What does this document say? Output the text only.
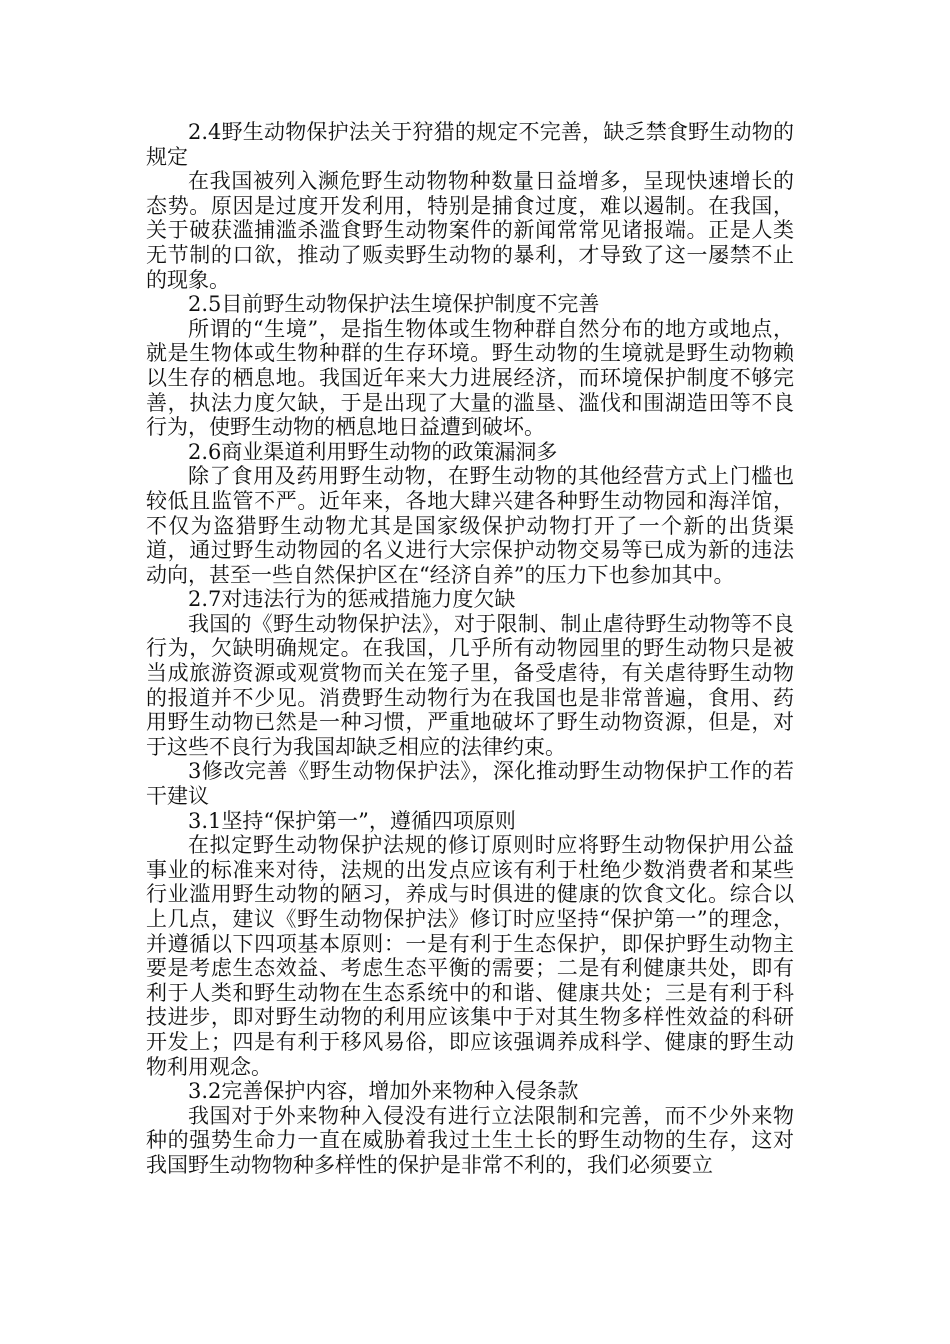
2.4野生动物保护法关于狩猎的规定不完善，缺乏禁食野生动物的规定

在我国被列入濒危野生动物物种数量日益增多，呈现快速增长的态势。原因是过度开发利用，特别是捕食过度，难以遏制。在我国，关于破获滥捕滥杀滥食野生动物案件的新闻常常见诸报端。正是人类无节制的口欲，推动了贩卖野生动物的暴利，才导致了这一屡禁不止的现象。

2.5目前野生动物保护法生境保护制度不完善

所谓的“生境”，是指生物体或生物种群自然分布的地方或地点，就是生物体或生物种群的生存环境。野生动物的生境就是野生动物赖以生存的栖息地。我国近年来大力进展经济，而环境保护制度不够完善，执法力度欠缺，于是出现了大量的滥垦、滥伐和围湖造田等不良行为，使野生动物的栖息地日益遭到破坏。

2.6商业渠道利用野生动物的政策漏洞多

除了食用及药用野生动物，在野生动物的其他经营方式上门槛也较低且监管不严。近年来，各地大肆兴建各种野生动物园和海洋馆，不仅为盗猎野生动物尤其是国家级保护动物打开了一个新的出货渠道，通过野生动物园的名义进行大宗保护动物交易等已成为新的违法动向，甚至一些自然保护区在“经济自养”的压力下也参加其中。

2.7对违法行为的惩戒措施力度欠缺

我国的《野生动物保护法》，对于限制、制止虐待野生动物等不良行为，欠缺明确规定。在我国，几乎所有动物园里的野生动物只是被当成旅游资源或观赏物而关在笼子里，备受虐待，有关虐待野生动物的报道并不少见。消费野生动物行为在我国也是非常普遍，食用、药用野生动物已然是一种习惯，严重地破坏了野生动物资源，但是，对于这些不良行为我国却缺乏相应的法律约束。

3修改完善《野生动物保护法》，深化推动野生动物保护工作的若干建议

3.1坚持“保护第一”，遵循四项原则

在拟定野生动物保护法规的修订原则时应将野生动物保护用公益事业的标准来对待，法规的出发点应该有利于杜绝少数消费者和某些行业滥用野生动物的陋习，养成与时俱进的健康的饮食文化。综合以上几点，建议《野生动物保护法》修订时应坚持“保护第一”的理念，并遵循以下四项基本原则：一是有利于生态保护，即保护野生动物主要是考虑生态效益、考虑生态平衡的需要；二是有利健康共处，即有利于人类和野生动物在生态系统中的和谐、健康共处；三是有利于科技进步，即对野生动物的利用应该集中于对其生物多样性效益的科研开发上；四是有利于移风易俗，即应该强调养成科学、健康的野生动物利用观念。

3.2完善保护内容，增加外来物种入侵条款

我国对于外来物种入侵没有进行立法限制和完善，而不少外来物种的强势生命力一直在威胁着我过土生土长的野生动物的生存，这对我国野生动物物种多样性的保护是非常不利的，我们必须要立
